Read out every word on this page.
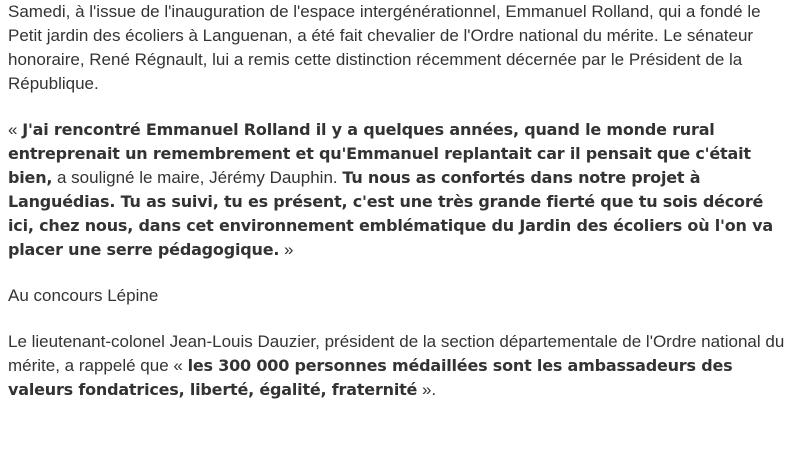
Samedi, à l'issue de l'inauguration de l'espace intergénérationnel, Emmanuel Rolland, qui a fondé le Petit jardin des écoliers à Languenan, a été fait chevalier de l'Ordre national du mérite. Le sénateur honoraire, René Régnault, lui a remis cette distinction récemment décernée par le Président de la République.

« J'ai rencontré Emmanuel Rolland il y a quelques années, quand le monde rural entreprenait un remembrement et qu'Emmanuel replantait car il pensait que c'était bien, a souligné le maire, Jérémy Dauphin. Tu nous as confortés dans notre projet à Languédias. Tu as suivi, tu es présent, c'est une très grande fierté que tu sois décoré ici, chez nous, dans cet environnement emblématique du Jardin des écoliers où l'on va placer une serre pédagogique. »

Au concours Lépine

Le lieutenant-colonel Jean-Louis Dauzier, président de la section départementale de l'Ordre national du mérite, a rappelé que « les 300 000 personnes médaillées sont les ambassadeurs des valeurs fondatrices, liberté, égalité, fraternité ».
